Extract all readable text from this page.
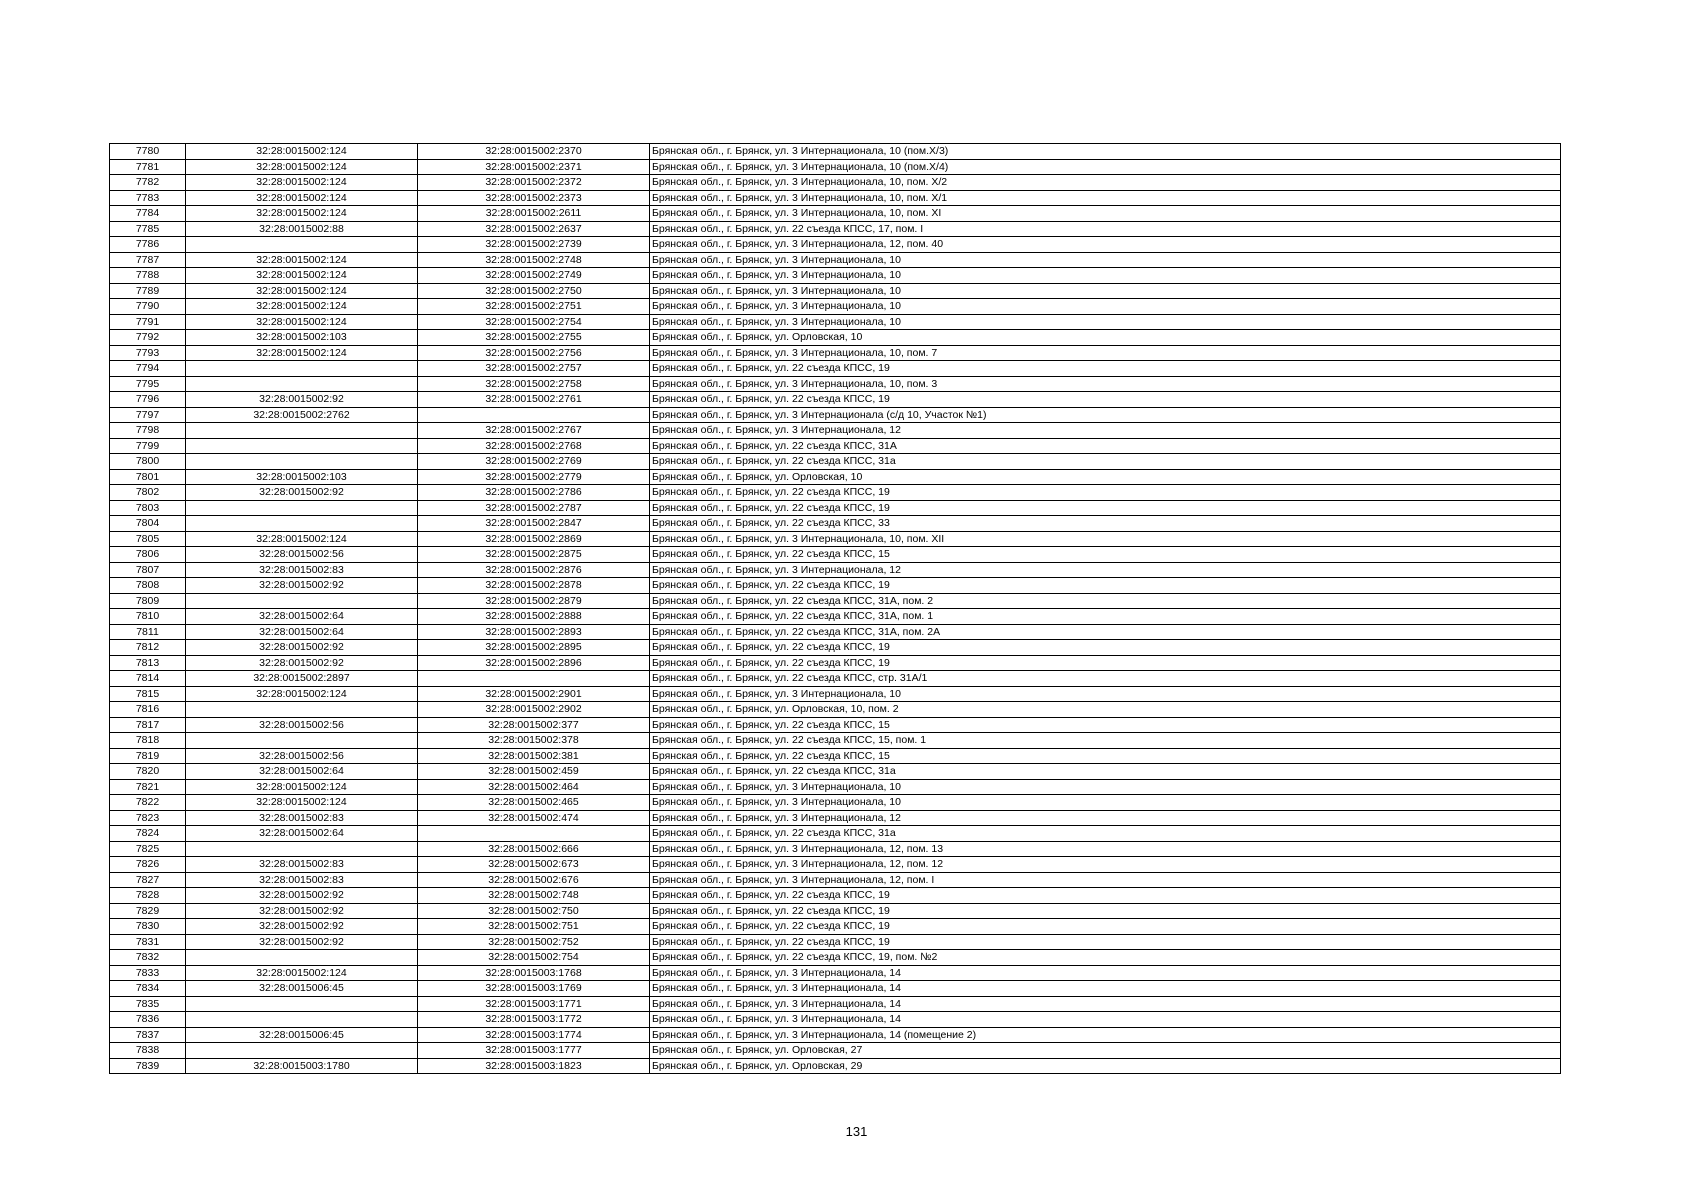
7780	32:28:0015002:124	32:28:0015002:2370	Брянская обл., г. Брянск, ул. 3 Интернационала, 10 (пом.Х/3)
7781	32:28:0015002:124	32:28:0015002:2371	Брянская обл., г. Брянск, ул. 3 Интернационала, 10 (пом.Х/4)
7782	32:28:0015002:124	32:28:0015002:2372	Брянская обл., г. Брянск, ул. 3 Интернационала, 10, пом. Х/2
7783	32:28:0015002:124	32:28:0015002:2373	Брянская обл., г. Брянск, ул. 3 Интернационала, 10, пом. Х/1
7784	32:28:0015002:124	32:28:0015002:2611	Брянская обл., г. Брянск, ул. 3 Интернационала, 10, пом. XI
7785	32:28:0015002:88	32:28:0015002:2637	Брянская обл., г. Брянск, ул. 22 съезда КПСС, 17, пом. I
7786		32:28:0015002:2739	Брянская обл., г. Брянск, ул. 3 Интернационала, 12, пом. 40
7787	32:28:0015002:124	32:28:0015002:2748	Брянская обл., г. Брянск, ул. 3 Интернационала, 10
7788	32:28:0015002:124	32:28:0015002:2749	Брянская обл., г. Брянск, ул. 3 Интернационала, 10
7789	32:28:0015002:124	32:28:0015002:2750	Брянская обл., г. Брянск, ул. 3 Интернационала, 10
7790	32:28:0015002:124	32:28:0015002:2751	Брянская обл., г. Брянск, ул. 3 Интернационала, 10
7791	32:28:0015002:124	32:28:0015002:2754	Брянская обл., г. Брянск, ул. 3 Интернационала, 10
7792	32:28:0015002:103	32:28:0015002:2755	Брянская обл., г. Брянск, ул. Орловская, 10
7793	32:28:0015002:124	32:28:0015002:2756	Брянская обл., г. Брянск, ул. 3 Интернационала, 10, пом. 7
7794		32:28:0015002:2757	Брянская обл., г. Брянск, ул. 22 съезда КПСС, 19
7795		32:28:0015002:2758	Брянская обл., г. Брянск, ул. 3 Интернационала, 10, пом. 3
7796	32:28:0015002:92	32:28:0015002:2761	Брянская обл., г. Брянск, ул. 22 съезда КПСС, 19
7797	32:28:0015002:2762		Брянская обл., г. Брянск, ул. 3 Интернационала (с/д 10, Участок №1)
7798		32:28:0015002:2767	Брянская обл., г. Брянск, ул. 3 Интернационала, 12
7799		32:28:0015002:2768	Брянская обл., г. Брянск, ул. 22 съезда КПСС, 31А
7800		32:28:0015002:2769	Брянская обл., г. Брянск, ул. 22 съезда КПСС, 31а
7801	32:28:0015002:103	32:28:0015002:2779	Брянская обл., г. Брянск, ул. Орловская, 10
7802	32:28:0015002:92	32:28:0015002:2786	Брянская обл., г. Брянск, ул. 22 съезда КПСС, 19
7803		32:28:0015002:2787	Брянская обл., г. Брянск, ул. 22 съезда КПСС, 19
7804		32:28:0015002:2847	Брянская обл., г. Брянск, ул. 22 съезда КПСС, 33
7805	32:28:0015002:124	32:28:0015002:2869	Брянская обл., г. Брянск, ул. 3 Интернационала, 10, пом. XII
7806	32:28:0015002:56	32:28:0015002:2875	Брянская обл., г. Брянск, ул. 22 съезда КПСС, 15
7807	32:28:0015002:83	32:28:0015002:2876	Брянская обл., г. Брянск, ул. 3 Интернационала, 12
7808	32:28:0015002:92	32:28:0015002:2878	Брянская обл., г. Брянск, ул. 22 съезда КПСС, 19
7809		32:28:0015002:2879	Брянская обл., г. Брянск, ул. 22 съезда КПСС, 31А, пом. 2
7810	32:28:0015002:64	32:28:0015002:2888	Брянская обл., г. Брянск, ул. 22 съезда КПСС, 31А, пом. 1
7811	32:28:0015002:64	32:28:0015002:2893	Брянская обл., г. Брянск, ул. 22 съезда КПСС, 31А, пом. 2А
7812	32:28:0015002:92	32:28:0015002:2895	Брянская обл., г. Брянск, ул. 22 съезда КПСС, 19
7813	32:28:0015002:92	32:28:0015002:2896	Брянская обл., г. Брянск, ул. 22 съезда КПСС, 19
7814	32:28:0015002:2897		Брянская обл., г. Брянск, ул. 22 съезда КПСС, стр. 31А/1
7815	32:28:0015002:124	32:28:0015002:2901	Брянская обл., г. Брянск, ул. 3 Интернационала, 10
7816		32:28:0015002:2902	Брянская обл., г. Брянск, ул. Орловская, 10, пом. 2
7817	32:28:0015002:56	32:28:0015002:377	Брянская обл., г. Брянск, ул. 22 съезда КПСС, 15
7818		32:28:0015002:378	Брянская обл., г. Брянск, ул. 22 съезда КПСС, 15, пом. 1
7819	32:28:0015002:56	32:28:0015002:381	Брянская обл., г. Брянск, ул. 22 съезда КПСС, 15
7820	32:28:0015002:64	32:28:0015002:459	Брянская обл., г. Брянск, ул. 22 съезда КПСС, 31а
7821	32:28:0015002:124	32:28:0015002:464	Брянская обл., г. Брянск, ул. 3 Интернационала, 10
7822	32:28:0015002:124	32:28:0015002:465	Брянская обл., г. Брянск, ул. 3 Интернационала, 10
7823	32:28:0015002:83	32:28:0015002:474	Брянская обл., г. Брянск, ул. 3 Интернационала, 12
7824	32:28:0015002:64		Брянская обл., г. Брянск, ул. 22 съезда КПСС, 31а
7825		32:28:0015002:666	Брянская обл., г. Брянск, ул. 3 Интернационала, 12, пом. 13
7826	32:28:0015002:83	32:28:0015002:673	Брянская обл., г. Брянск, ул. 3 Интернационала, 12, пом. 12
7827	32:28:0015002:83	32:28:0015002:676	Брянская обл., г. Брянск, ул. 3 Интернационала, 12, пом. I
7828	32:28:0015002:92	32:28:0015002:748	Брянская обл., г. Брянск, ул. 22 съезда КПСС, 19
7829	32:28:0015002:92	32:28:0015002:750	Брянская обл., г. Брянск, ул. 22 съезда КПСС, 19
7830	32:28:0015002:92	32:28:0015002:751	Брянская обл., г. Брянск, ул. 22 съезда КПСС, 19
7831	32:28:0015002:92	32:28:0015002:752	Брянская обл., г. Брянск, ул. 22 съезда КПСС, 19
7832		32:28:0015002:754	Брянская обл., г. Брянск, ул. 22 съезда КПСС, 19, пом. №2
7833	32:28:0015002:124	32:28:0015003:1768	Брянская обл., г. Брянск, ул. 3 Интернационала, 14
7834	32:28:0015006:45	32:28:0015003:1769	Брянская обл., г. Брянск, ул. 3 Интернационала, 14
7835		32:28:0015003:1771	Брянская обл., г. Брянск, ул. 3 Интернационала, 14
7836		32:28:0015003:1772	Брянская обл., г. Брянск, ул. 3 Интернационала, 14
7837	32:28:0015006:45	32:28:0015003:1774	Брянская обл., г. Брянск, ул. 3 Интернационала, 14 (помещение 2)
7838		32:28:0015003:1777	Брянская обл., г. Брянск, ул. Орловская, 27
7839	32:28:0015003:1780	32:28:0015003:1823	Брянская обл., г. Брянск, ул. Орловская, 29
131
